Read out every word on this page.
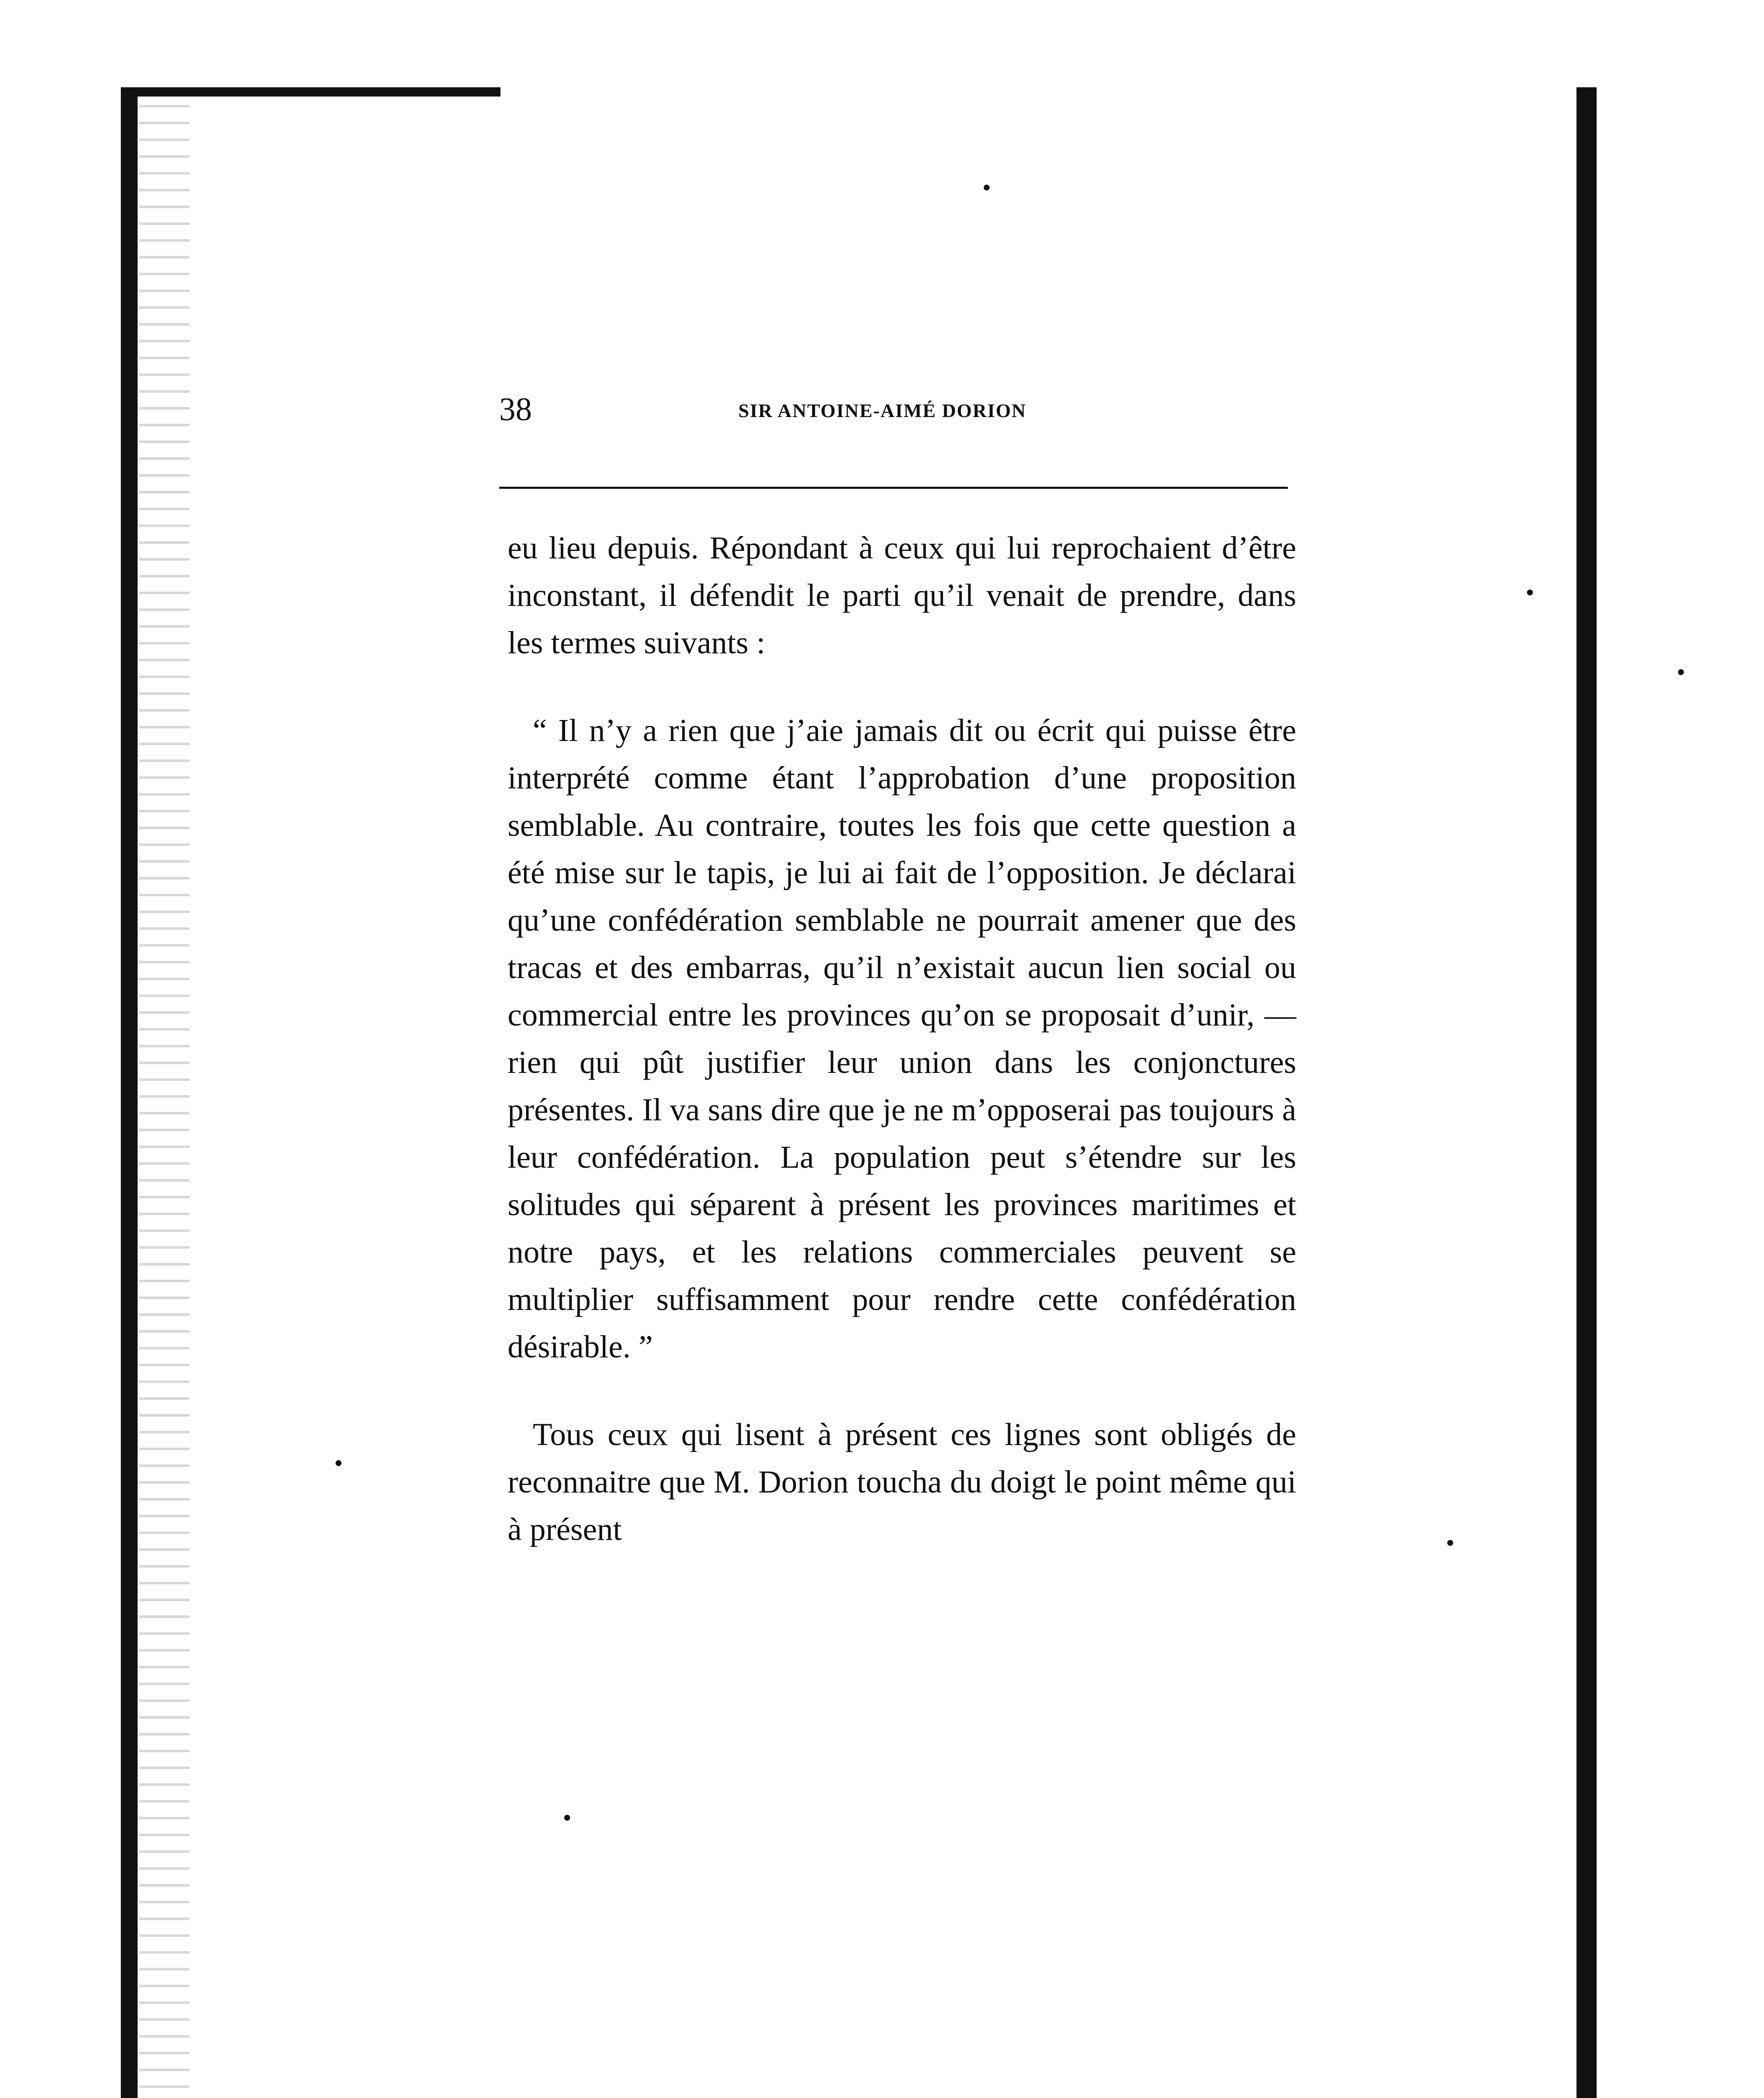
38	SIR ANTOINE-AIMÉ DORION

eu lieu depuis. Répondant à ceux qui lui reprochaient d’être inconstant, il défendit le parti qu’il venait de prendre, dans les termes suivants :

“ Il n’y a rien que j’aie jamais dit ou écrit qui puisse être interprété comme étant l’approbation d’une proposition semblable. Au contraire, toutes les fois que cette question a été mise sur le tapis, je lui ai fait de l’opposition. Je déclarai qu’une confédération semblable ne pourrait amener que des tracas et des embarras, qu’il n’existait aucun lien social ou commercial entre les provinces qu’on se proposait d’unir, — rien qui pût justifier leur union dans les conjonctures présentes. Il va sans dire que je ne m’opposerai pas toujours à leur confédération. La population peut s’étendre sur les solitudes qui séparent à présent les provinces maritimes et notre pays, et les relations commerciales peuvent se multiplier suffisamment pour rendre cette confédération désirable. ”

Tous ceux qui lisent à présent ces lignes sont obligés de reconnaitre que M. Dorion toucha du doigt le point même qui à présent
